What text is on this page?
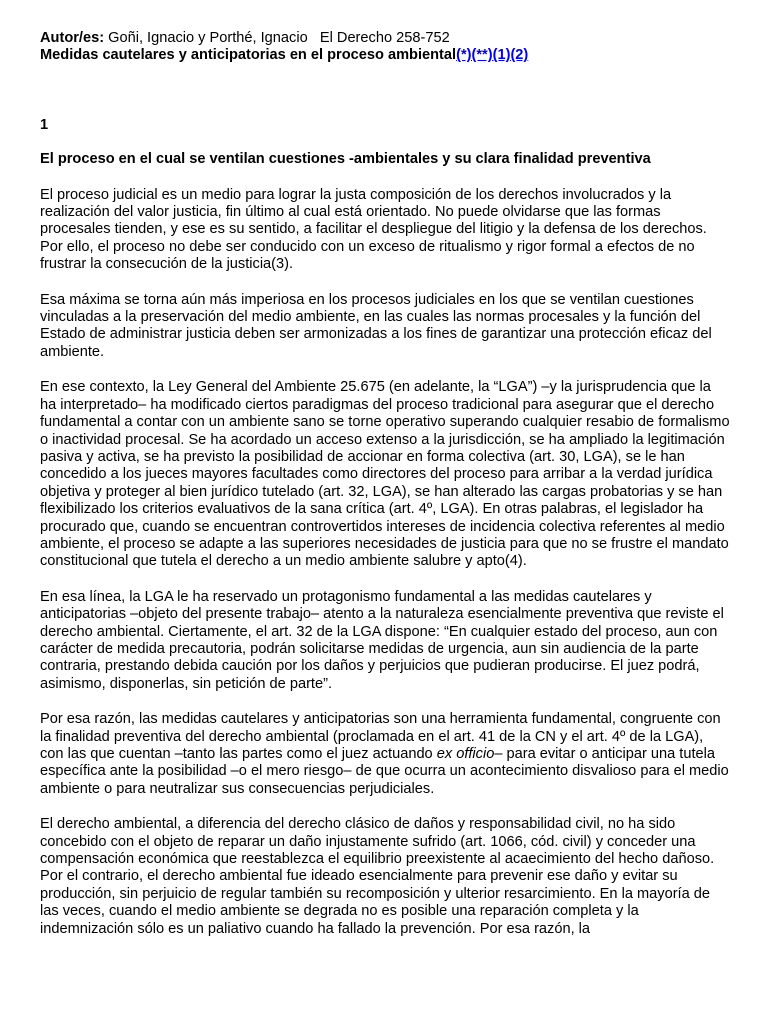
Autor/es: Goñi, Ignacio y Porthé, Ignacio El Derecho 258-752

Medidas cautelares y anticipatorias en el proceso ambiental(*)(**)(1)(2)

1

El proceso en el cual se ventilan cuestiones -ambientales y su clara finalidad preventiva

El proceso judicial es un medio para lograr la justa composición de los derechos involucrados y la realización del valor justicia, fin último al cual está orientado. No puede olvidarse que las formas procesales tienden, y ese es su sentido, a facilitar el despliegue del litigio y la defensa de los derechos. Por ello, el proceso no debe ser conducido con un exceso de ritualismo y rigor formal a efectos de no frustrar la consecución de la justicia(3).

Esa máxima se torna aún más imperiosa en los procesos judiciales en los que se ventilan cuestiones vinculadas a la preservación del medio ambiente, en las cuales las normas procesales y la función del Estado de administrar justicia deben ser armonizadas a los fines de garantizar una protección eficaz del ambiente.

En ese contexto, la Ley General del Ambiente 25.675 (en adelante, la “LGA”) –y la jurisprudencia que la ha interpretado– ha modificado ciertos paradigmas del proceso tradicional para asegurar que el derecho fundamental a contar con un ambiente sano se torne operativo superando cualquier resabio de formalismo o inactividad procesal. Se ha acordado un acceso extenso a la jurisdicción, se ha ampliado la legitimación pasiva y activa, se ha previsto la posibilidad de accionar en forma colectiva (art. 30, LGA), se le han concedido a los jueces mayores facultades como directores del proceso para arribar a la verdad jurídica objetiva y proteger al bien jurídico tutelado (art. 32, LGA), se han alterado las cargas probatorias y se han flexibilizado los criterios evaluativos de la sana crítica (art. 4º, LGA). En otras palabras, el legislador ha procurado que, cuando se encuentran controvertidos intereses de incidencia colectiva referentes al medio ambiente, el proceso se adapte a las superiores necesidades de justicia para que no se frustre el mandato constitucional que tutela el derecho a un medio ambiente salubre y apto(4).

En esa línea, la LGA le ha reservado un protagonismo fundamental a las medidas cautelares y anticipatorias –objeto del presente trabajo– atento a la naturaleza esencialmente preventiva que reviste el derecho ambiental. Ciertamente, el art. 32 de la LGA dispone: “En cualquier estado del proceso, aun con carácter de medida precautoria, podrán solicitarse medidas de urgencia, aun sin audiencia de la parte contraria, prestando debida caución por los daños y perjuicios que pudieran producirse. El juez podrá, asimismo, disponerlas, sin petición de parte”.

Por esa razón, las medidas cautelares y anticipatorias son una herramienta fundamental, congruente con la finalidad preventiva del derecho ambiental (proclamada en el art. 41 de la CN y el art. 4º de la LGA), con las que cuentan –tanto las partes como el juez actuando ex officio– para evitar o anticipar una tutela específica ante la posibilidad –o el mero riesgo– de que ocurra un acontecimiento disvalioso para el medio ambiente o para neutralizar sus consecuencias perjudiciales.

El derecho ambiental, a diferencia del derecho clásico de daños y responsabilidad civil, no ha sido concebido con el objeto de reparar un daño injustamente sufrido (art. 1066, cód. civil) y conceder una compensación económica que reestablezca el equilibrio preexistente al acaecimiento del hecho dañoso. Por el contrario, el derecho ambiental fue ideado esencialmente para prevenir ese daño y evitar su producción, sin perjuicio de regular también su recomposición y ulterior resarcimiento. En la mayoría de las veces, cuando el medio ambiente se degrada no es posible una reparación completa y la indemnización sólo es un paliativo cuando ha fallado la prevención. Por esa razón, la
